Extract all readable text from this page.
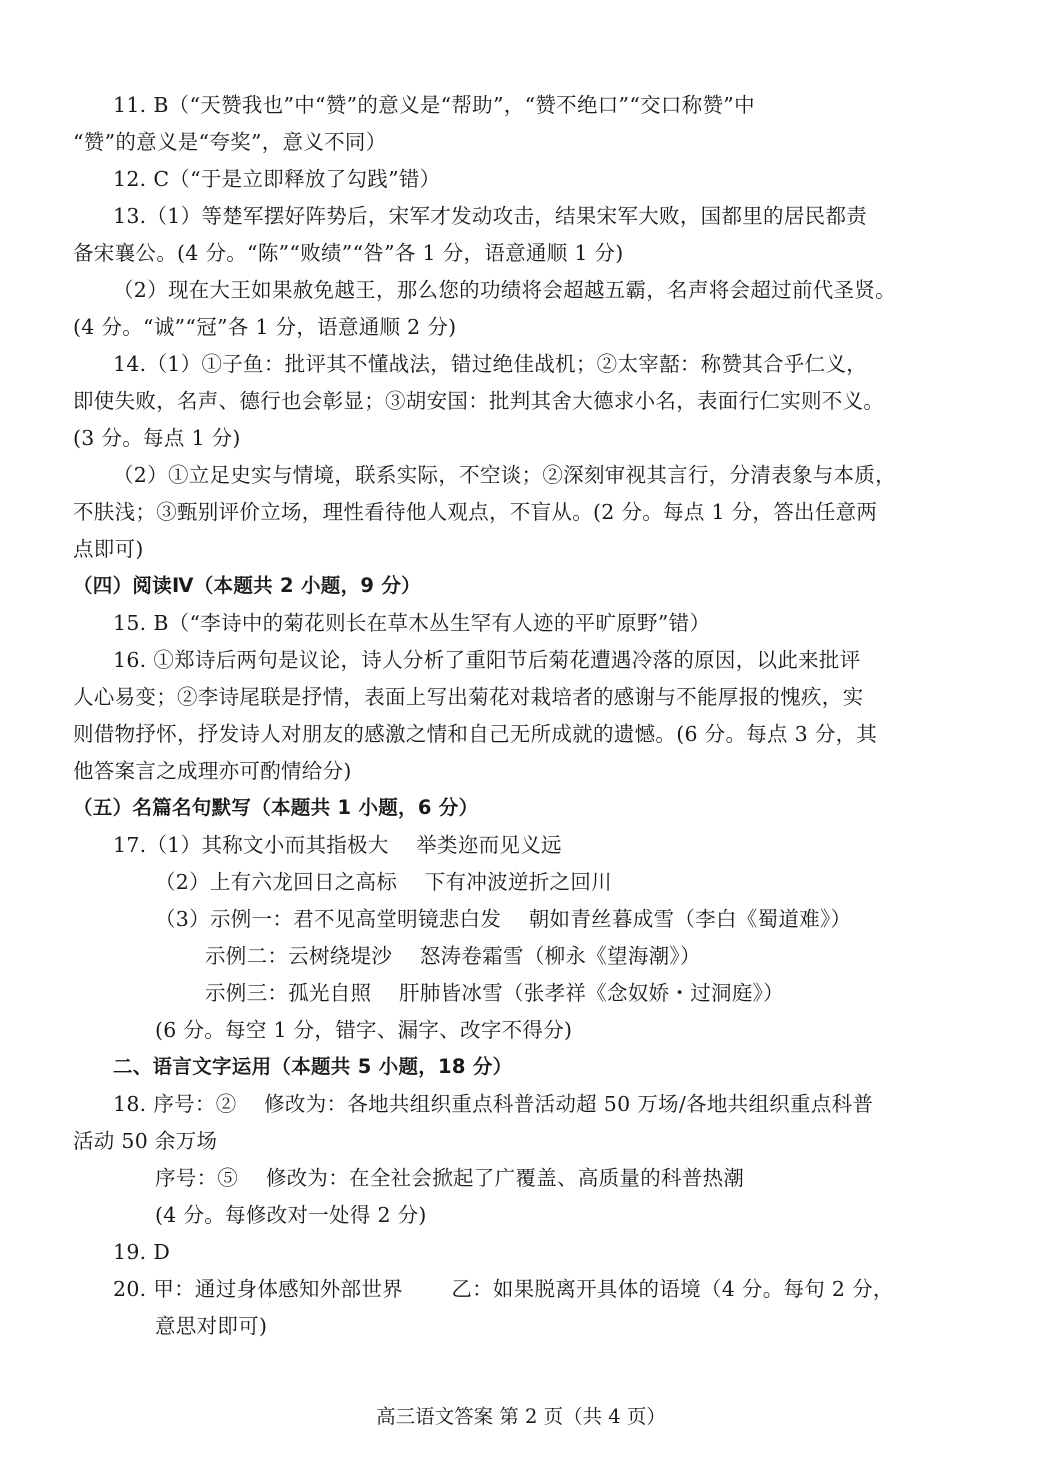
11. B（“天赞我也”中“赞”的意义是“帮助”，“赞不绝口”“交口称赞”中
“赞”的意义是“夸奖”，意义不同）
12. C（“于是立即释放了勾践”错）
13.（1）等楚军摆好阵势后，宋军才发动攻击，结果宋军大败，国都里的居民都责
备宋襄公。(4 分。“陈”“败绩”“咎”各 1 分，语意通顺 1 分)
（2）现在大王如果赦免越王，那么您的功绩将会超越五霸，名声将会超过前代圣贤。
(4 分。“诚”“冠”各 1 分，语意通顺 2 分)
14.（1）①子鱼：批评其不懂战法，错过绝佳战机；②太宰嚭：称赞其合乎仁义，
即使失败，名声、德行也会彰显；③胡安国：批判其舍大德求小名，表面行仁实则不义。
(3 分。每点 1 分)
（2）①立足史实与情境，联系实际，不空谈；②深刻审视其言行，分清表象与本质，
不肤浅；③甄别评价立场，理性看待他人观点，不盲从。(2 分。每点 1 分，答出任意两
点即可)
（四）阅读Ⅳ（本题共 2 小题，9 分）
15. B（“李诗中的菊花则长在草木丛生罕有人迹的平旷原野”错）
16. ①郑诗后两句是议论，诗人分析了重阳节后菊花遭遇冷落的原因，以此来批评
人心易变；②李诗尾联是抒情，表面上写出菊花对栽培者的感谢与不能厚报的愧疚，实
则借物抒怀，抒发诗人对朋友的感激之情和自己无所成就的遗憾。(6 分。每点 3 分，其
他答案言之成理亦可酌情给分)
（五）名篇名句默写（本题共 1 小题，6 分）
17.（1）其称文小而其指极大　 举类迩而见义远
（2）上有六龙回日之高标　 下有冲波逆折之回川
（3）示例一：君不见高堂明镜悲白发　 朝如青丝暮成雪（李白《蜀道难》）
示例二：云树绕堤沙　 怒涛卷霜雪（柳永《望海潮》）
示例三：孤光自照　 肝肺皆冰雪（张孝祥《念奴娇・过洞庭》）
(6 分。每空 1 分，错字、漏字、改字不得分)
二、语言文字运用（本题共 5 小题，18 分）
18. 序号：②　 修改为：各地共组织重点科普活动超 50 万场/各地共组织重点科普
活动 50 余万场
序号：⑤　 修改为：在全社会掀起了广覆盖、高质量的科普热潮
(4 分。每修改对一处得 2 分)
19. D
20. 甲：通过身体感知外部世界　　 乙：如果脱离开具体的语境（4 分。每句 2 分，
意思对即可)
高三语文答案 第 2 页（共 4 页）
